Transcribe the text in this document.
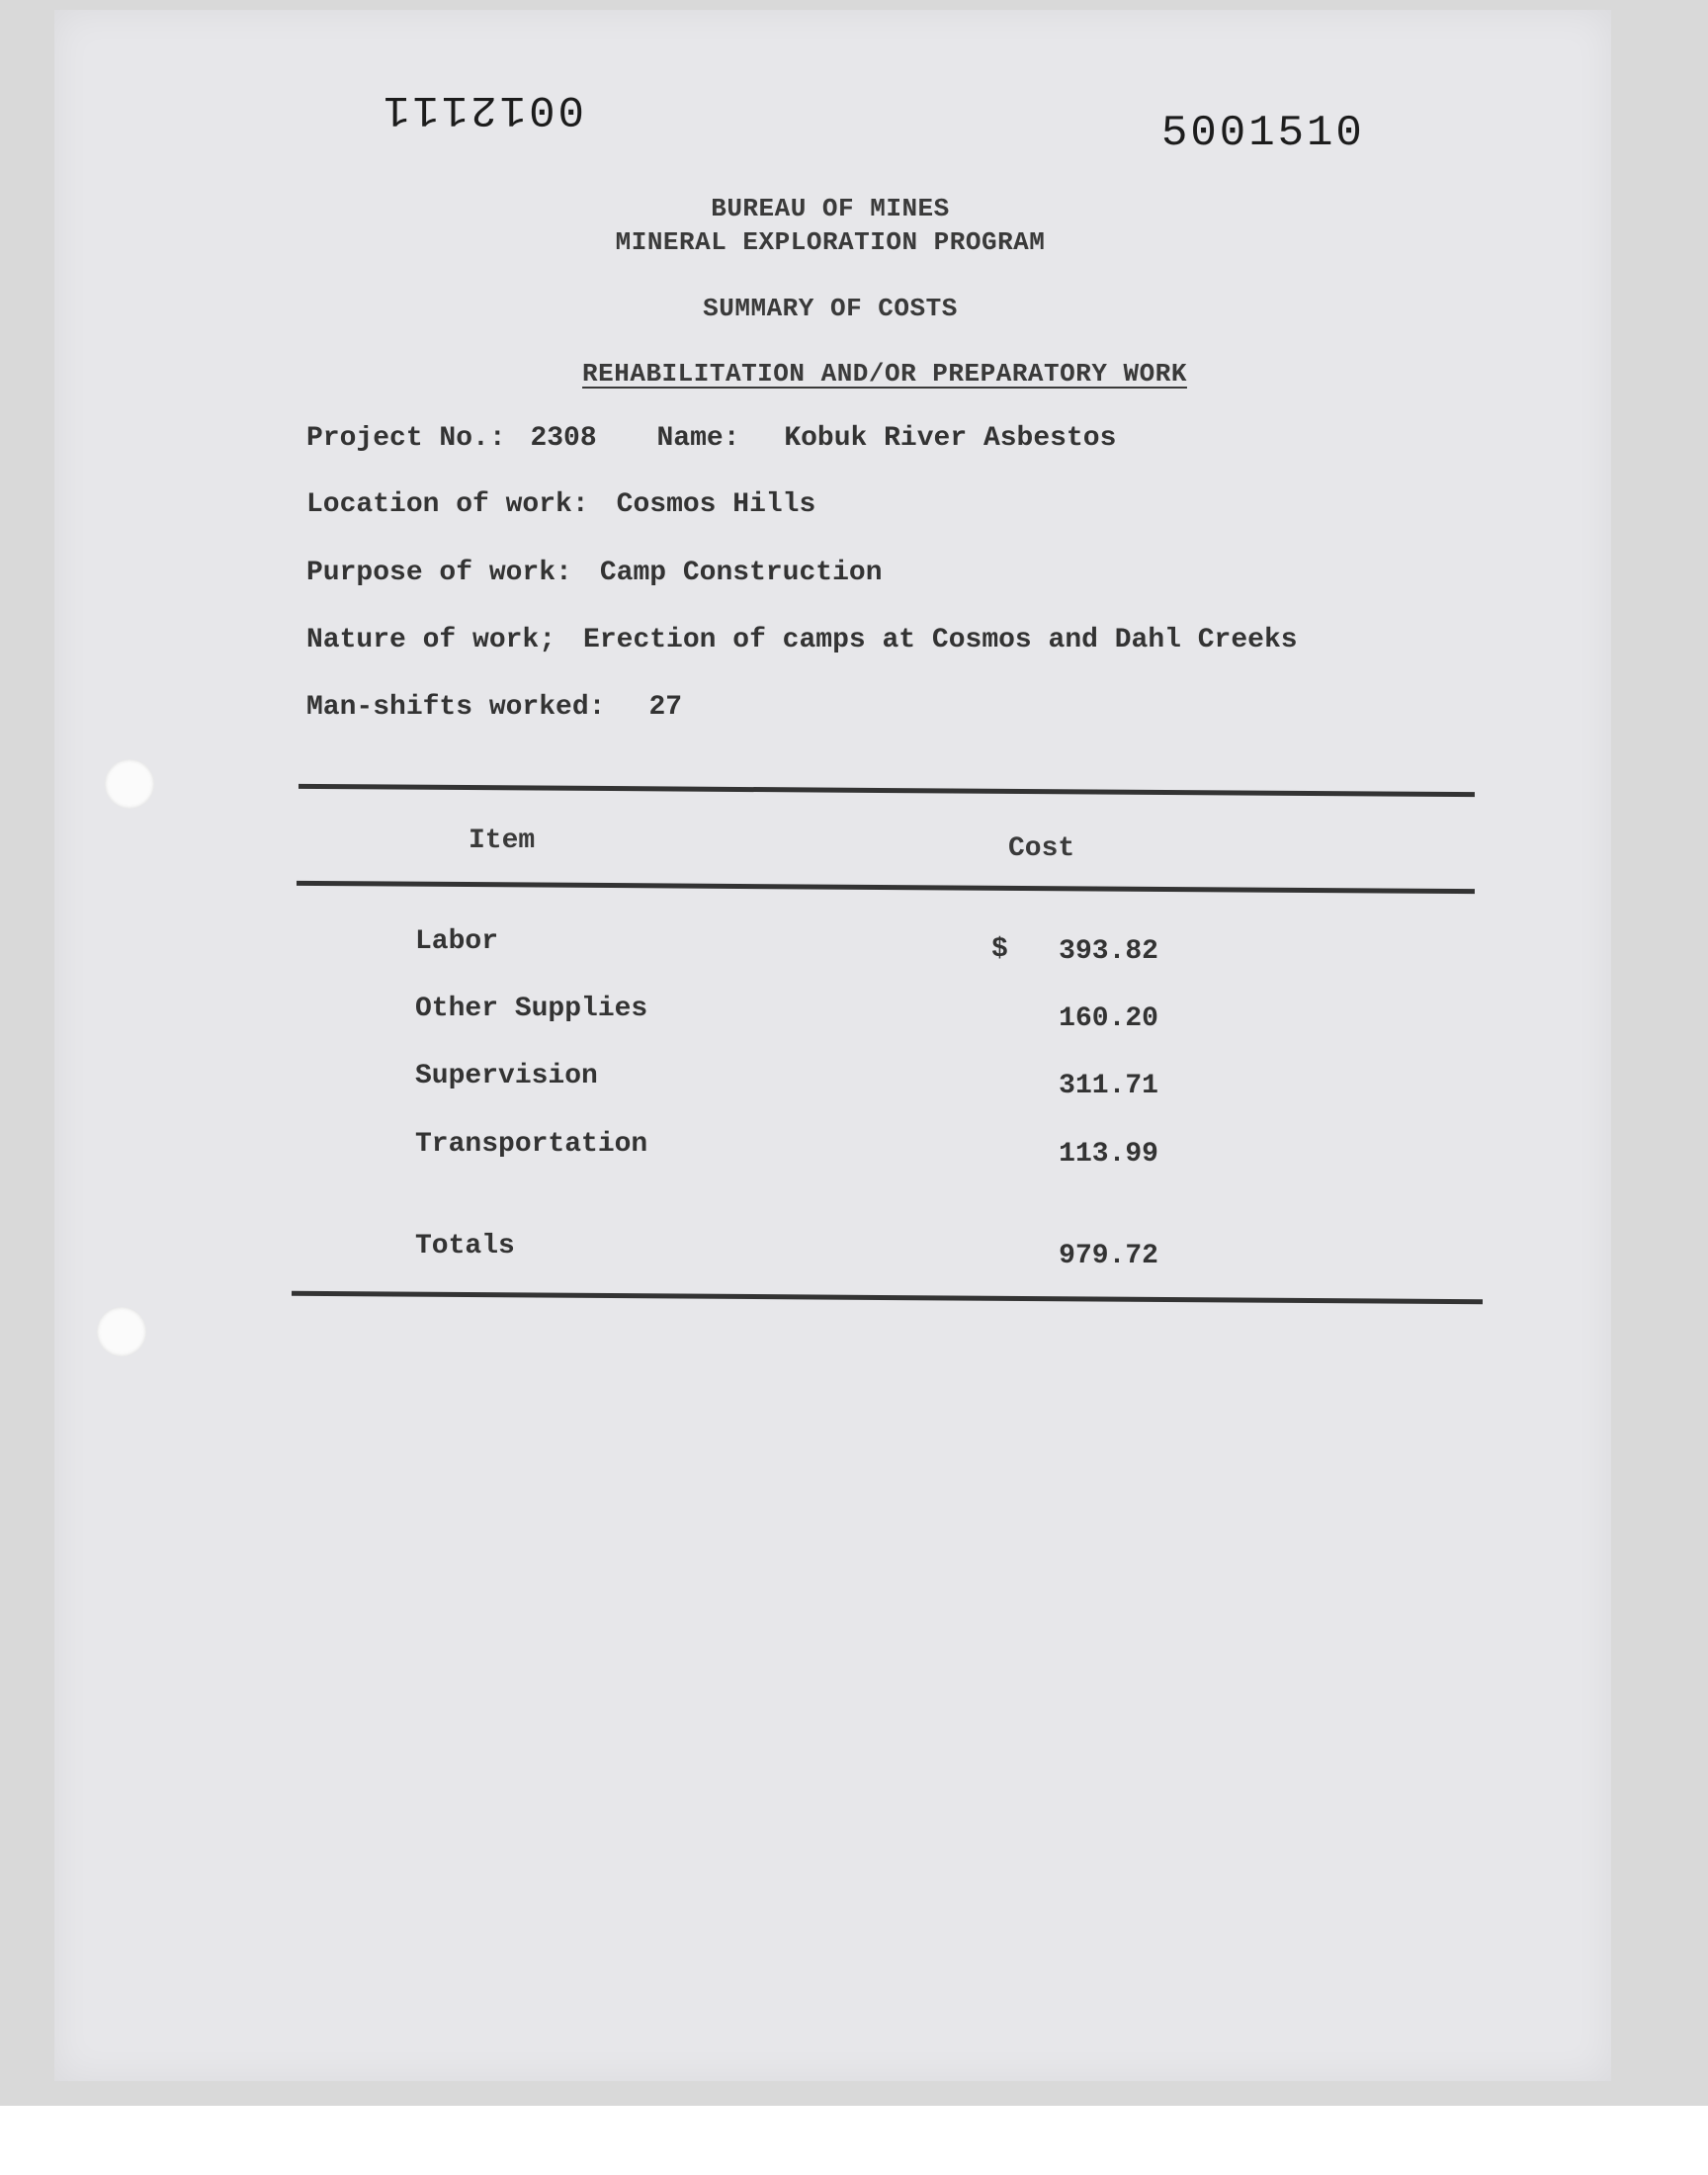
0012111	5001510
BUREAU OF MINES
MINERAL EXPLORATION PROGRAM
SUMMARY OF COSTS
REHABILITATION AND/OR PREPARATORY WORK
Project No.: 2308 Name: Kobuk River Asbestos
Location of work: Cosmos Hills
Purpose of work: Camp Construction
Nature of work; Erection of camps at Cosmos and Dahl Creeks
Man-shifts worked: 27
Item	Cost
$
Labor	393.82
Other Supplies	160.20
Supervision	311.71
Transportation	113.99
Totals	979.72
